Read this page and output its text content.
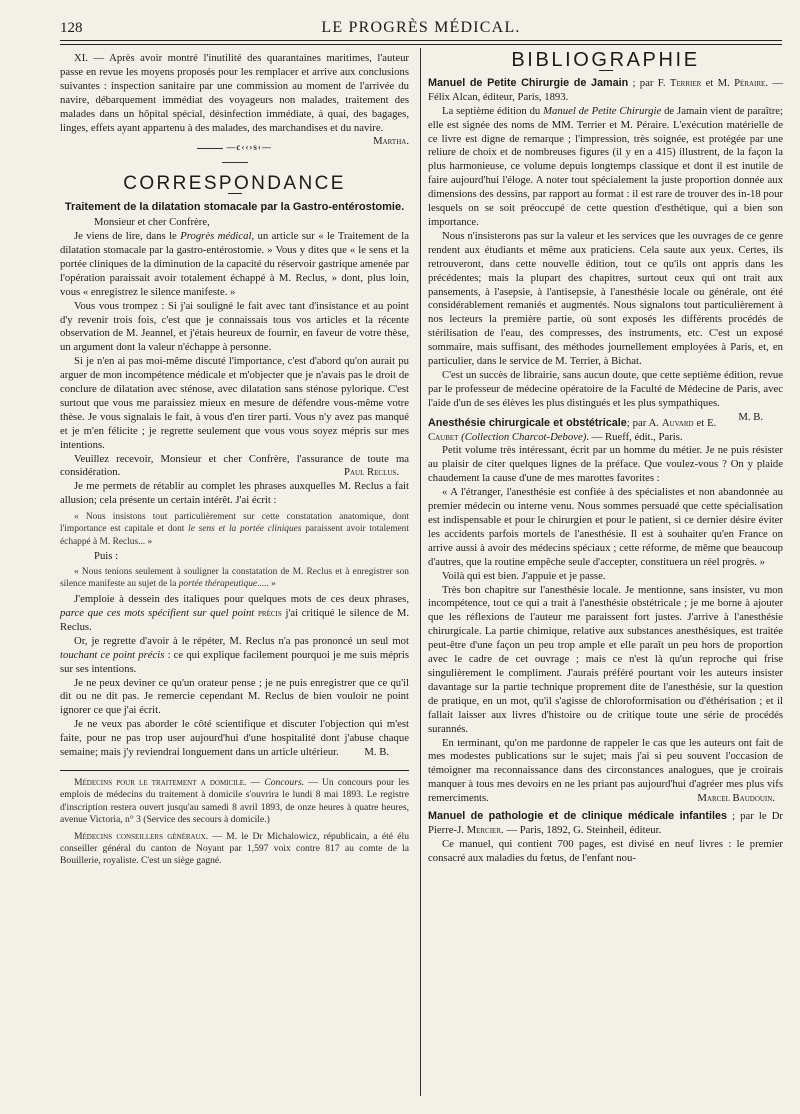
128	LE PROGRÈS MÉDICAL.

XI. — Après avoir montré l'inutilité des quarantaines maritimes, l'auteur passe en revue les moyens proposés pour les remplacer et arrive aux conclusions suivantes : inspection sanitaire par une commission au moment de l'arrivée du navire, débarquement immédiat des voyageurs non malades, traitement des malades dans un hôpital spécial, désinfection immédiate, à quai, des bagages, linges, effets ayant appartenu à des malades, des marchandises et du navire.
Martha.

—c‹‹›s‹—
CORRESPONDANCE
Traitement de la dilatation stomacale par la Gastro-entérostomie.

Monsieur et cher Confrère,

Je viens de lire, dans le Progrès médical, un article sur « le Traitement de la dilatation stomacale par la gastro-entérostomie. » Vous y dites que « le sens et la portée cliniques de la diminution de la capacité du réservoir gastrique amenée par l'opération paraissait avoir totalement échappé à M. Reclus, » dont, plus loin, vous « enregistrez le silence manifeste. »

Vous vous trompez : Si j'ai souligné le fait avec tant d'insistance et au point d'y revenir trois fois, c'est que je connaissais tous vos articles et la récente observation de M. Jeannel, et j'étais heureux de fournir, en faveur de votre thèse, un argument dont la valeur n'échappe à personne.

Si je n'en ai pas moi-même discuté l'importance, c'est d'abord qu'on aurait pu arguer de mon incompétence médicale et m'objecter que je n'avais pas le droit de conclure de dilatation avec sténose, avec dilatation sans sténose pylorique. C'est surtout que vous me paraissiez mieux en mesure de défendre vous-même votre thèse. Je vous signalais le fait, à vous d'en tirer parti. Vous n'y avez pas manqué et je m'en félicite ; je regrette seulement que vous vous soyez mépris sur mes intentions.

Veuillez recevoir, Monsieur et cher Confrère, l'assurance de toute ma considération.	Paul Reclus.

Je me permets de rétablir au complet les phrases auxquelles M. Reclus a fait allusion; cela présente un certain intérêt. J'ai écrit :

« Nous insistons tout particulièrement sur cette constatation anatomique, dont l'importance est capitale et dont le sens et la portée cliniques paraissent avoir totalement échappé à M. Reclus... »

Puis :

« Nous tenions seulement à souligner la constatation de M. Reclus et à enregistrer son silence manifeste au sujet de la portée thérapeutique..... »

J'emploie à dessein des italiques pour quelques mots de ces deux phrases, parce que ces mots spécifient sur quel point précis j'ai critiqué le silence de M. Reclus.

Or, je regrette d'avoir à le répéter, M. Reclus n'a pas prononcé un seul mot touchant ce point précis : ce qui explique facilement pourquoi je me suis mépris sur ses intentions.

Je ne peux deviner ce qu'un orateur pense ; je ne puis enregistrer que ce qu'il dit ou ne dit pas. Je remercie cependant M. Reclus de bien vouloir ne point ignorer ce que j'ai écrit.

Je ne veux pas aborder le côté scientifique et discuter l'objection qui m'est faite, pour ne pas trop user aujourd'hui d'une hospitalité dont j'abuse chaque semaine; mais j'y reviendrai longuement dans un article ultérieur.	M. B.

Médecins pour le traitement a domicile. — Concours. — Un concours pour les emplois de médecins du traitement à domicile s'ouvrira le lundi 8 mai 1893. Le registre d'inscription restera ouvert jusqu'au samedi 8 avril 1893, de onze heures à quatre heures, avenue Victoria, n° 3 (Service des secours à domicile.)

Médecins conseillers généraux. — M. le Dr Michalowicz, républicain, a été élu conseiller général du canton de Noyant par 1,597 voix contre 817 au comte de la Bouillerie, royaliste. C'est un siège gagné.

BIBLIOGRAPHIE

Manuel de Petite Chirurgie de Jamain ; par F. Terrier et M. Péraire. — Félix Alcan, éditeur, Paris, 1893.

La septième édition du Manuel de Petite Chirurgie de Jamain vient de paraître; elle est signée des noms de MM. Terrier et M. Péraire. L'exécution matérielle de ce livre est digne de remarque ; l'impression, très soignée, est protégée par une reliure de choix et de nombreuses figures (il y en a 415) illustrent, de la façon la plus harmonieuse, ce volume depuis longtemps classique et dont il est inutile de faire aujourd'hui l'éloge. A noter tout spécialement la juste proportion donnée aux dimensions des dessins, par rapport au format : il est rare de trouver des in-18 pour lesquels on se soit préoccupé de cette question d'esthétique, qui a bien son importance.

Nous n'insisterons pas sur la valeur et les services que les ouvrages de ce genre rendent aux étudiants et même aux praticiens. Cela saute aux yeux. Certes, ils retrouveront, dans cette nouvelle édition, tout ce qu'ils ont appris dans les précédentes; mais la plupart des chapitres, surtout ceux qui ont trait aux pansements, à l'asepsie, à l'antisepsie, à l'anesthésie locale ou générale, ont été considérablement remaniés et augmentés. Nous signalons tout particulièrement à nos lecteurs la première partie, où sont exposés les différents procédés de stérilisation de l'eau, des compresses, des instruments, etc. C'est un exposé sommaire, mais suffisant, des méthodes journellement employées à Paris, et, en particulier, dans le service de M. Terrier, à Bichat.

C'est un succès de librairie, sans aucun doute, que cette septième édition, revue par le professeur de médecine opératoire de la Faculté de Médecine de Paris, avec l'aide d'un de ses élèves les plus distingués et les plus sympathiques.
M. B.

Anesthésie chirurgicale et obstétricale; par A. Auvard et E. Caubet (Collection Charcot-Debove). — Rueff, édit., Paris.

Petit volume très intéressant, écrit par un homme du métier. Je ne puis résister au plaisir de citer quelques lignes de la préface. Que voulez-vous ? On y plaide chaudement la cause d'une de mes marottes favorites :

« A l'étranger, l'anesthésie est confiée à des spécialistes et non abandonnée au premier médecin ou interne venu. Nous sommes persuadé que cette spécialisation est indispensable et pour le chirurgien et pour le patient, si ce dernier désire éviter les accidents parfois mortels de l'anesthésie. Il est à souhaiter qu'en France on arrive aussi à avoir des médecins spéciaux ; cette réforme, de même que beaucoup d'autres, que la routine empêche seule d'accepter, constituera un réel progrès. »

Voilà qui est bien. J'appuie et je passe.

Très bon chapitre sur l'anesthésie locale. Je mentionne, sans insister, vu mon incompétence, tout ce qui a trait à l'anesthésie obstétricale ; je me borne à ajouter que les réflexions de l'auteur me paraissent fort justes. J'arrive à l'anesthésie chirurgicale. La partie chimique, relative aux substances anesthésiques, est traitée peut-être d'une façon un peu trop ample et elle paraît un peu hors de proportion avec le cadre de cet ouvrage ; mais ce n'est là qu'un reproche qui frise singulièrement le compliment. J'aurais préféré pourtant voir les auteurs insister davantage sur la partie technique proprement dite de l'anesthésie, sur la question de pratique, en un mot, qu'il s'agisse de chloroformisation ou d'éthérisation ; et il fallait laisser aux livres d'histoire ou de critique toute une série de procédés surannés.

En terminant, qu'on me pardonne de rappeler le cas que les auteurs ont fait de mes modestes publications sur le sujet; mais j'ai si peu souvent l'occasion de témoigner ma reconnaissance dans des circonstances analogues, que je croirais manquer à tous mes devoirs en ne les priant pas aujourd'hui d'agréer mes plus vifs remerciments.	Marcel Baudouin.

Manuel de pathologie et de clinique médicale infantiles ; par le Dr Pierre-J. Mercier. — Paris, 1892, G. Steinheil, éditeur.

Ce manuel, qui contient 700 pages, est divisé en neuf livres : le premier consacré aux maladies du fœtus, de l'enfant nou-
